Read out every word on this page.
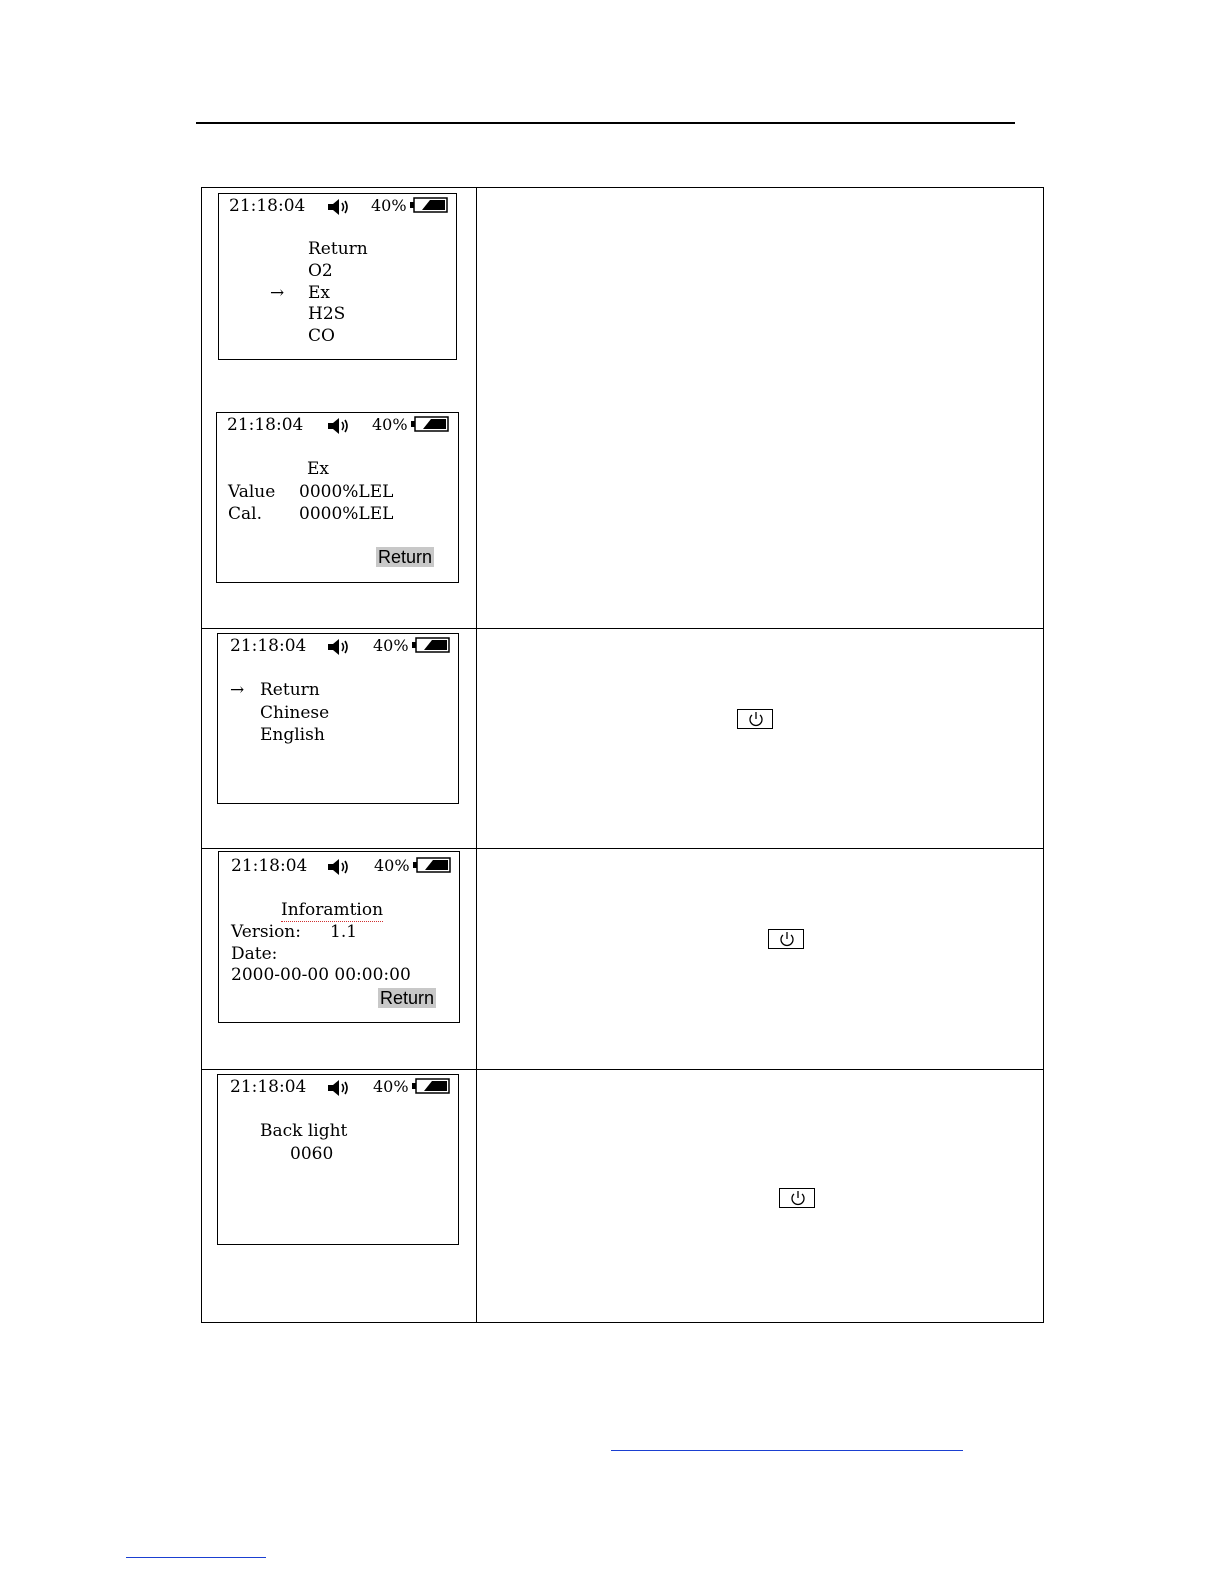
21:18:04	40%
Return
O2
→ Ex
H2S
CO
21:18:04	40%
Ex
Value 0000%LEL
Cal. 0000%LEL
Return
21:18:04	40%
→ Return
Chinese
English
21:18:04	40%
Inforamtion
Version: 1.1
Date:
2000-00-00 00:00:00
Return
21:18:04	40%
Back light
0060
